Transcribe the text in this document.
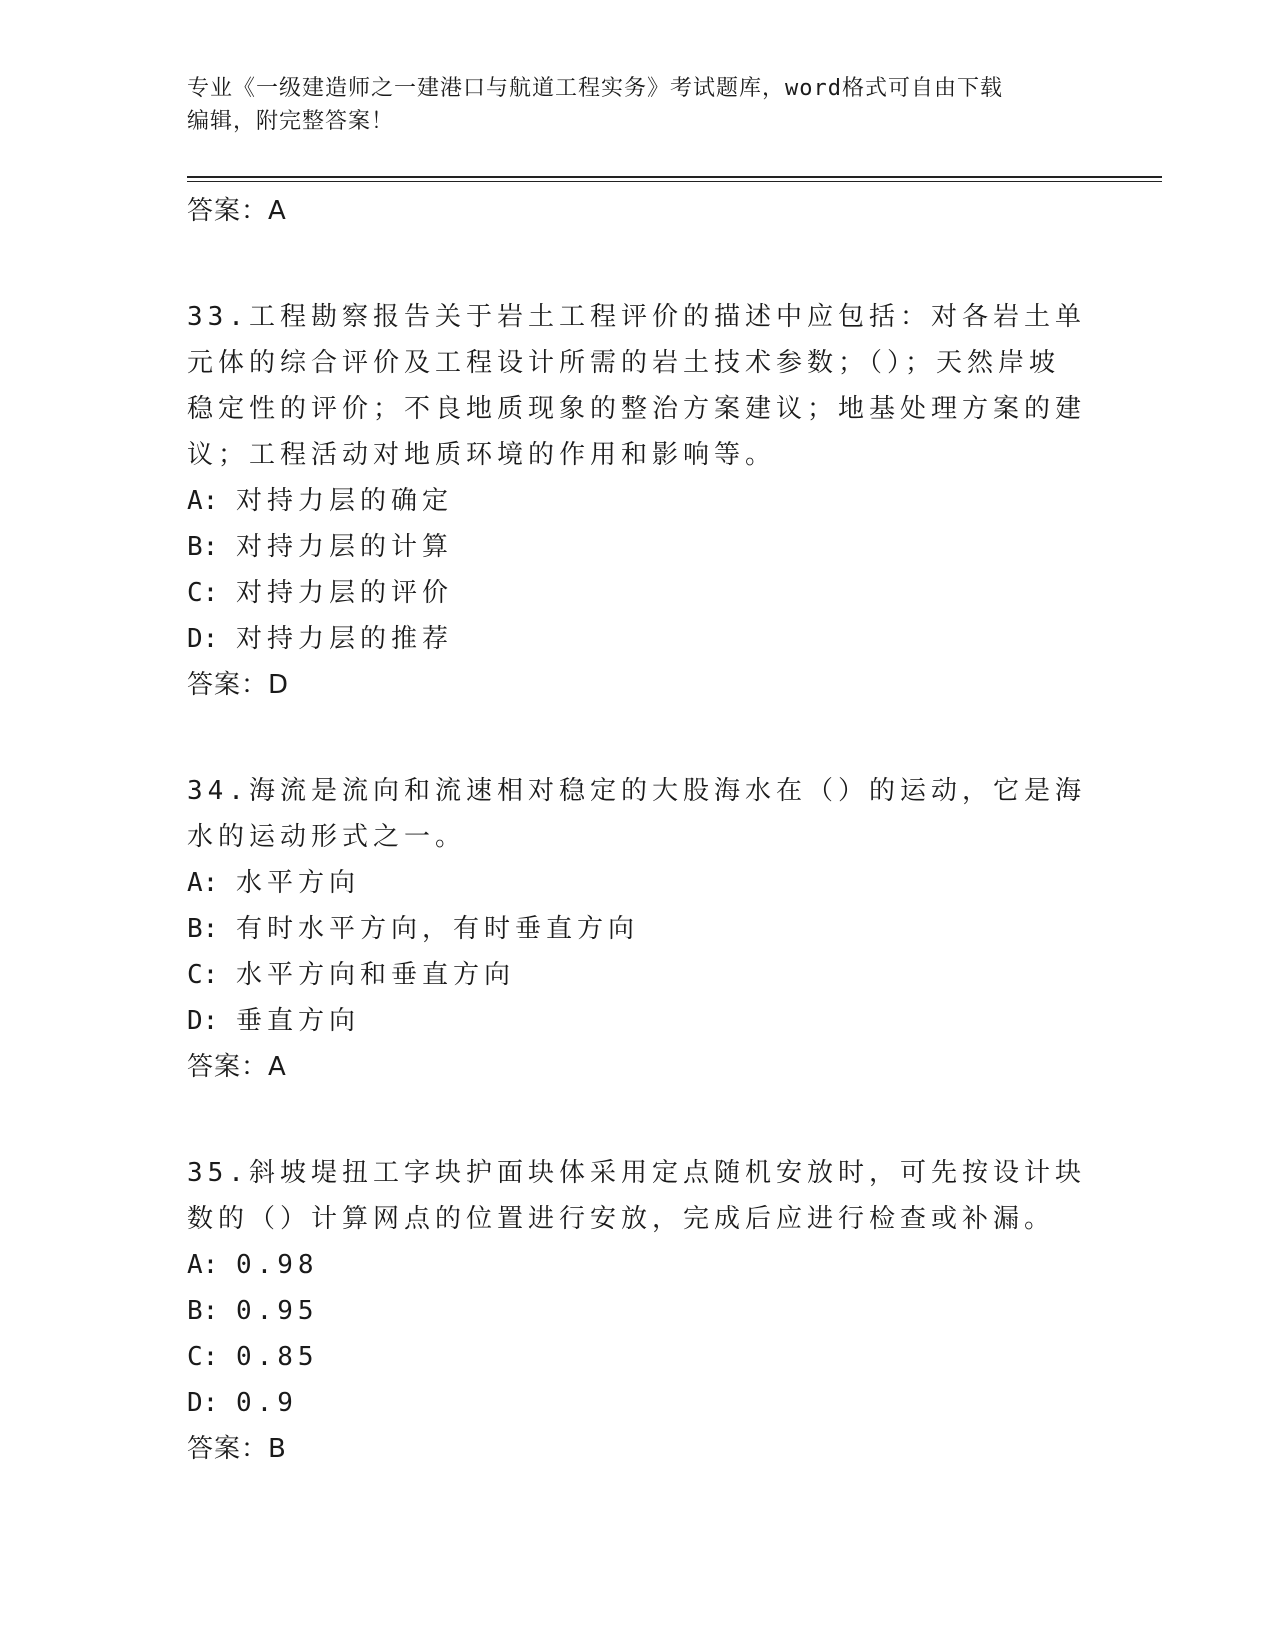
专业《一级建造师之一建港口与航道工程实务》考试题库，word格式可自由下载
编辑，附完整答案！

答案：A

33.工程勘察报告关于岩土工程评价的描述中应包括：对各岩土单元体的综合评价及工程设计所需的岩土技术参数；（）；天然岸坡稳定性的评价；不良地质现象的整治方案建议；地基处理方案的建议；工程活动对地质环境的作用和影响等。

A: 对持力层的确定

B: 对持力层的计算

C: 对持力层的评价

D: 对持力层的推荐

答案：D

34.海流是流向和流速相对稳定的大股海水在（）的运动，它是海水的运动形式之一。

A: 水平方向

B: 有时水平方向，有时垂直方向

C: 水平方向和垂直方向

D: 垂直方向

答案：A

35.斜坡堤扭工字块护面块体采用定点随机安放时，可先按设计块数的（）计算网点的位置进行安放，完成后应进行检查或补漏。

A: 0.98

B: 0.95

C: 0.85

D: 0.9

答案：B
